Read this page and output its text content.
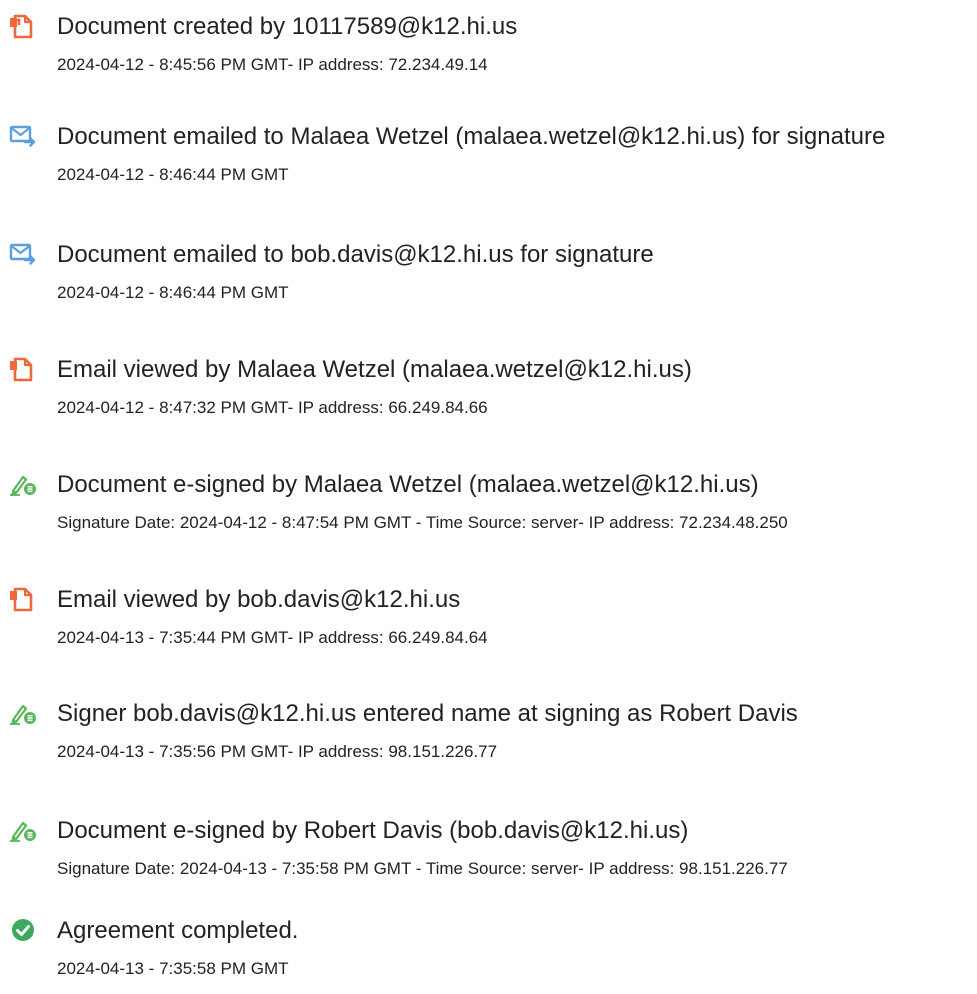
Document created by 10117589@k12.hi.us
2024-04-12 - 8:45:56 PM GMT- IP address: 72.234.49.14
Document emailed to Malaea Wetzel (malaea.wetzel@k12.hi.us) for signature
2024-04-12 - 8:46:44 PM GMT
Document emailed to bob.davis@k12.hi.us for signature
2024-04-12 - 8:46:44 PM GMT
Email viewed by Malaea Wetzel (malaea.wetzel@k12.hi.us)
2024-04-12 - 8:47:32 PM GMT- IP address: 66.249.84.66
Document e-signed by Malaea Wetzel (malaea.wetzel@k12.hi.us)
Signature Date: 2024-04-12 - 8:47:54 PM GMT - Time Source: server- IP address: 72.234.48.250
Email viewed by bob.davis@k12.hi.us
2024-04-13 - 7:35:44 PM GMT- IP address: 66.249.84.64
Signer bob.davis@k12.hi.us entered name at signing as Robert Davis
2024-04-13 - 7:35:56 PM GMT- IP address: 98.151.226.77
Document e-signed by Robert Davis (bob.davis@k12.hi.us)
Signature Date: 2024-04-13 - 7:35:58 PM GMT - Time Source: server- IP address: 98.151.226.77
Agreement completed.
2024-04-13 - 7:35:58 PM GMT
